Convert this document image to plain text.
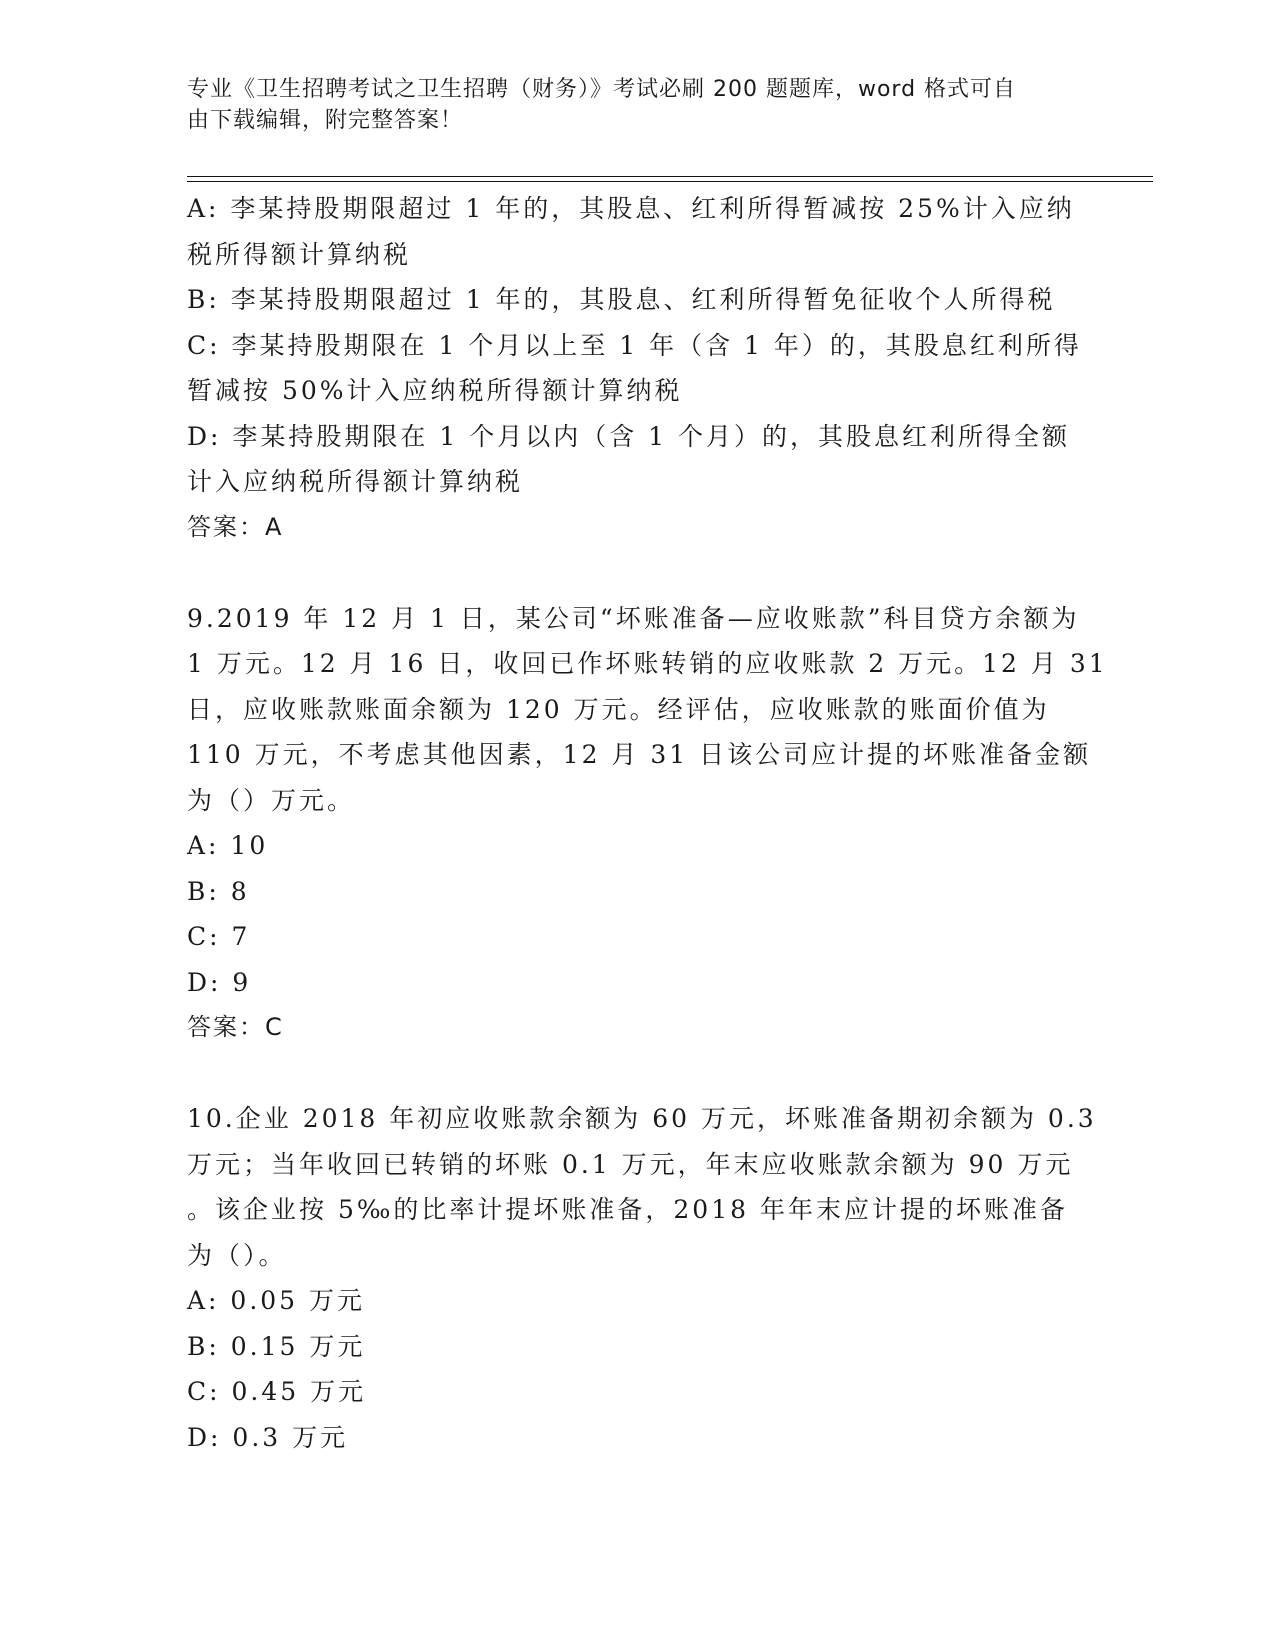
专业《卫生招聘考试之卫生招聘（财务）》考试必刷 200 题题库，word 格式可自
由下载编辑，附完整答案！
A: 李某持股期限超过 1 年的，其股息、红利所得暂减按 25%计入应纳
税所得额计算纳税
B: 李某持股期限超过 1 年的，其股息、红利所得暂免征收个人所得税
C: 李某持股期限在 1 个月以上至 1 年（含 1 年）的，其股息红利所得
暂减按 50%计入应纳税所得额计算纳税
D: 李某持股期限在 1 个月以内（含 1 个月）的，其股息红利所得全额
计入应纳税所得额计算纳税
答案：A
9.2019 年 12 月 1 日，某公司“坏账准备—应收账款”科目贷方余额为
1 万元。12 月 16 日，收回已作坏账转销的应收账款 2 万元。12 月 31
日，应收账款账面余额为 120 万元。经评估，应收账款的账面价值为
110 万元，不考虑其他因素，12 月 31 日该公司应计提的坏账准备金额
为（）万元。
A: 10
B: 8
C: 7
D: 9
答案：C
10.企业 2018 年初应收账款余额为 60 万元，坏账准备期初余额为 0.3
万元；当年收回已转销的坏账 0.1 万元，年末应收账款余额为 90 万元
。该企业按 5‰的比率计提坏账准备，2018 年年末应计提的坏账准备
为（）。
A: 0.05 万元
B: 0.15 万元
C: 0.45 万元
D: 0.3 万元
